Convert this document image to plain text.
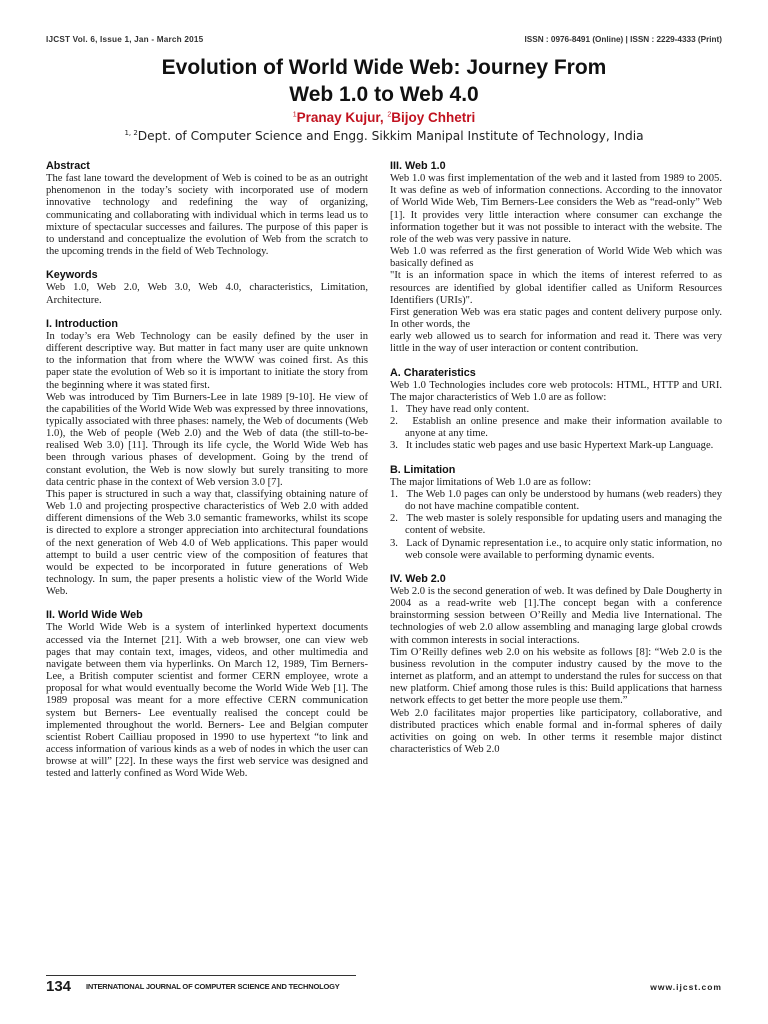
IJCST Vol. 6, Issue 1, Jan - March 2015	ISSN : 0976-8491 (Online) | ISSN : 2229-4333 (Print)
Evolution of World Wide Web: Journey From
Web 1.0 to Web 4.0
$^1$Pranay Kujur, $^2$Bijoy Chhetri
$^{1, 2}$Dept. of Computer Science and Engg. Sikkim Manipal Institute of Technology, India
Abstract

The fast lane toward the development of Web is coined to be as an outright phenomenon in the today’s society with incorporated use of modern innovative technology and redefining the way of organizing, communicating and collaborating with individual which in terms lead us to mixture of spectacular successes and failures. The purpose of this paper is to understand and conceptualize the evolution of Web from the scratch to the upcoming trends in the field of Web Technology.

Keywords

Web 1.0, Web 2.0, Web 3.0, Web 4.0, characteristics, Limitation, Architecture.

I. Introduction

In today’s era Web Technology can be easily defined by the user in different descriptive way. But matter in fact many user are quite unknown to the information that from where the WWW was coined first. As this paper state the evolution of Web so it is important to initiate the story from the beginning where it was stated first.

Web was introduced by Tim Burners-Lee in late 1989 [9-10]. He view of the capabilities of the World Wide Web was expressed by three innovations, typically associated with three phases: namely, the Web of documents (Web 1.0), the Web of people (Web 2.0) and the Web of data (the still-to-be-realised Web 3.0) [11]. Through its life cycle, the World Wide Web has been through various phases of development. Going by the trend of constant evolution, the Web is now slowly but surely transiting to more data centric phase in the context of Web version 3.0 [7].

This paper is structured in such a way that, classifying obtaining nature of Web 1.0 and projecting prospective characteristics of Web 2.0 with added different dimensions of the Web 3.0 semantic frameworks, whilst its scope is directed to explore a stronger appreciation into architectural foundations of the next generation of Web 4.0 of Web applications. This paper would attempt to build a user centric view of the composition of features that would be expected to be incorporated in future generations of Web technology. In sum, the paper presents a holistic view of the World Wide Web.

II. World Wide Web

The World Wide Web is a system of interlinked hypertext documents accessed via the Internet [21]. With a web browser, one can view web pages that may contain text, images, videos, and other multimedia and navigate between them via hyperlinks. On March 12, 1989, Tim Berners- Lee, a British computer scientist and former CERN employee, wrote a proposal for what would eventually become the World Wide Web [1]. The 1989 proposal was meant for a more effective CERN communication system but Berners- Lee eventually realised the concept could be implemented throughout the world. Berners- Lee and Belgian computer scientist Robert Cailliau proposed in 1990 to use hypertext “to link and access information of various kinds as a web of nodes in which the user can browse at will” [22]. In these ways the first web service was designed and tested and latterly confined as Word Wide Web.

III. Web 1.0

Web 1.0 was first implementation of the web and it lasted from 1989 to 2005. It was define as web of information connections. According to the innovator of World Wide Web, Tim Berners-Lee considers the Web as “read-only” Web [1]. It provides very little interaction where consumer can exchange the information together but it was not possible to interact with the website. The role of the web was very passive in nature.

Web 1.0 was referred as the first generation of World Wide Web which was basically defined as

"It is an information space in which the items of interest referred to as resources are identified by global identifier called as Uniform Resources Identifiers (URIs)".

First generation Web was era static pages and content delivery purpose only. In other words, the

early web allowed us to search for information and read it. There was very little in the way of user interaction or content contribution.

A. Charateristics

Web 1.0 Technologies includes core web protocols: HTML, HTTP and URI. The major characteristics of Web 1.0 are as follow:

1.   They have read only content.

2.   Establish an online presence and make their information available to anyone at any time.

3.   It includes static web pages and use basic Hypertext Mark-up Language.

B. Limitation

The major limitations of Web 1.0 are as follow:

1.   The Web 1.0 pages can only be understood by humans (web readers) they do not have machine compatible content.

2.   The web master is solely responsible for updating users and managing the content of website.

3.   Lack of Dynamic representation i.e., to acquire only static information, no web console were available to performing dynamic events.

IV. Web 2.0

Web 2.0 is the second generation of web. It was defined by Dale Dougherty in 2004 as a read-write web [1].The concept began with a conference brainstorming session between O’Reilly and Media live International. The technologies of web 2.0 allow assembling and managing large global crowds with common interests in social interactions.

Tim O’Reilly defines web 2.0 on his website as follows [8]: “Web 2.0 is the business revolution in the computer industry caused by the move to the internet as platform, and an attempt to understand the rules for success on that new platform. Chief among those rules is this: Build applications that harness network effects to get better the more people use them.”

Web 2.0 facilitates major properties like participatory, collaborative, and distributed practices which enable formal and in-formal spheres of daily activities on going on web. In other terms it resemble major distinct characteristics of Web 2.0

134 INTERNATIONAL JOURNAL OF COMPUTER SCIENCE AND TECHNOLOGY	www.ijcst.com
